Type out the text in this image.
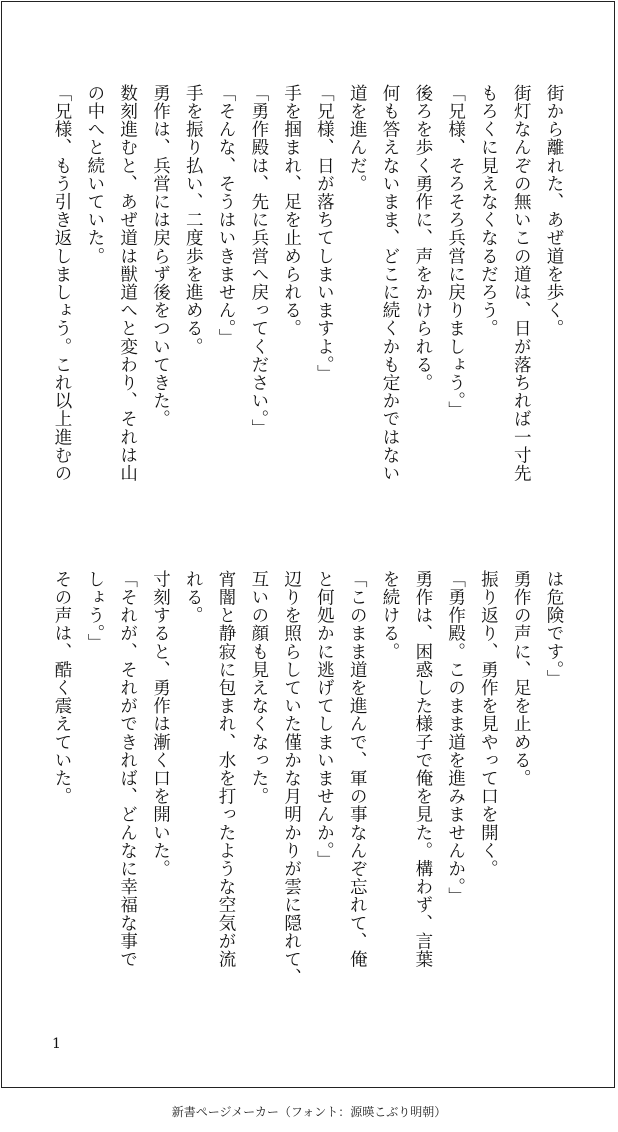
街から離れた、あぜ道を歩く。
街灯なんぞの無いこの道は、日が落ちれば一寸先
もろくに見えなくなるだろう。
「兄様、そろそろ兵営に戻りましょう。」
後ろを歩く勇作に、声をかけられる。
何も答えないまま、どこに続くかも定かではない
道を進んだ。
「兄様、日が落ちてしまいますよ。」
手を掴まれ、足を止められる。
「勇作殿は、先に兵営へ戻ってください。」
「そんな、そうはいきません。」
手を振り払い、二度歩を進める。
勇作は、兵営には戻らず後をついてきた。
数刻進むと、あぜ道は獣道へと変わり、それは山
の中へと続いていた。
「兄様、もう引き返しましょう。これ以上進むの
は危険です。」
勇作の声に、足を止める。
振り返り、勇作を見やって口を開く。
「勇作殿。このまま道を進みませんか。」
勇作は、困惑した様子で俺を見た。構わず、言葉
を続ける。
「このまま道を進んで、軍の事なんぞ忘れて、俺
と何処かに逃げてしまいませんか。」
辺りを照らしていた僅かな月明かりが雲に隠れて、
互いの顔も見えなくなった。
宵闇と静寂に包まれ、水を打ったような空気が流
れる。
寸刻すると、勇作は漸く口を開いた。
「それが、それができれば、どんなに幸福な事で
しょう。」
その声は、酷く震えていた。
1
新書ページメーカー（フォント：源暎こぶり明朝）
